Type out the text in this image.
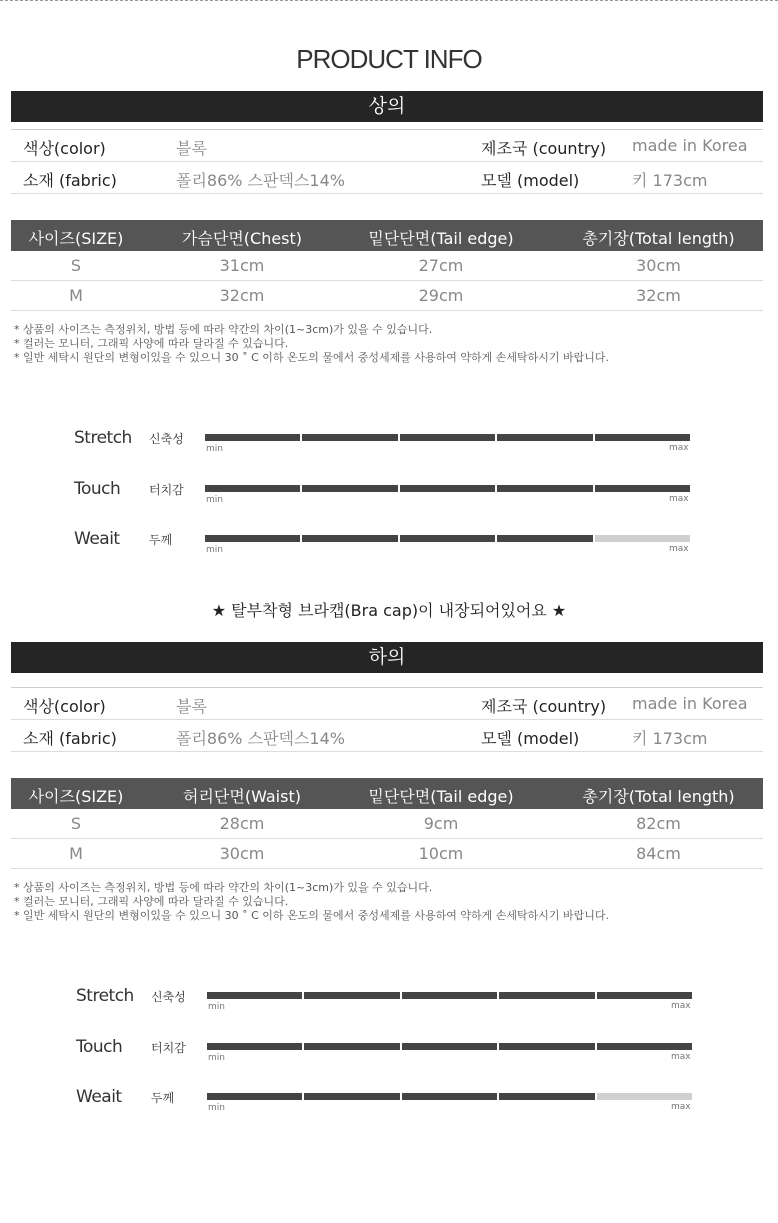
PRODUCT INFO
상의
색상(color)	블록	제조국 (country) made in Korea
소재 (fabric)	폴리86% 스판덱스14%	모델 (model)	키 173cm
사이즈(SIZE)	가슴단면(Chest)	밑단단면(Tail edge)	총기장(Total length)
S	31cm	27cm	30cm
M	32cm	29cm	32cm
* 상품의 사이즈는 측정위치, 방법 등에 따라 약간의 차이(1~3cm)가 있을 수 있습니다.
* 컬러는 모니터, 그래픽 사양에 따라 달라질 수 있습니다.
* 일반 세탁시 원단의 변형이있을 수 있으니 30 ˚ C 이하 온도의 물에서 중성세제를 사용하여 약하게 손세탁하시기 바랍니다.
Stretch 신축성
min	max
Touch 터치감
min	max
Weait 두께
min	max
★ 탈부착형 브라캡(Bra cap)이 내장되어있어요 ★
하의
색상(color)	블록	제조국 (country) made in Korea
소재 (fabric)	폴리86% 스판덱스14%	모델 (model)	키 173cm
사이즈(SIZE)	허리단면(Waist)	밑단단면(Tail edge)	총기장(Total length)
S	28cm	9cm	82cm
M	30cm	10cm	84cm
* 상품의 사이즈는 측정위치, 방법 등에 따라 약간의 차이(1~3cm)가 있을 수 있습니다.
* 컬러는 모니터, 그래픽 사양에 따라 달라질 수 있습니다.
* 일반 세탁시 원단의 변형이있을 수 있으니 30 ˚ C 이하 온도의 물에서 중성세제를 사용하여 약하게 손세탁하시기 바랍니다.
Stretch 신축성
min	max
Touch 터치감
min	max
Weait 두께
min	max
